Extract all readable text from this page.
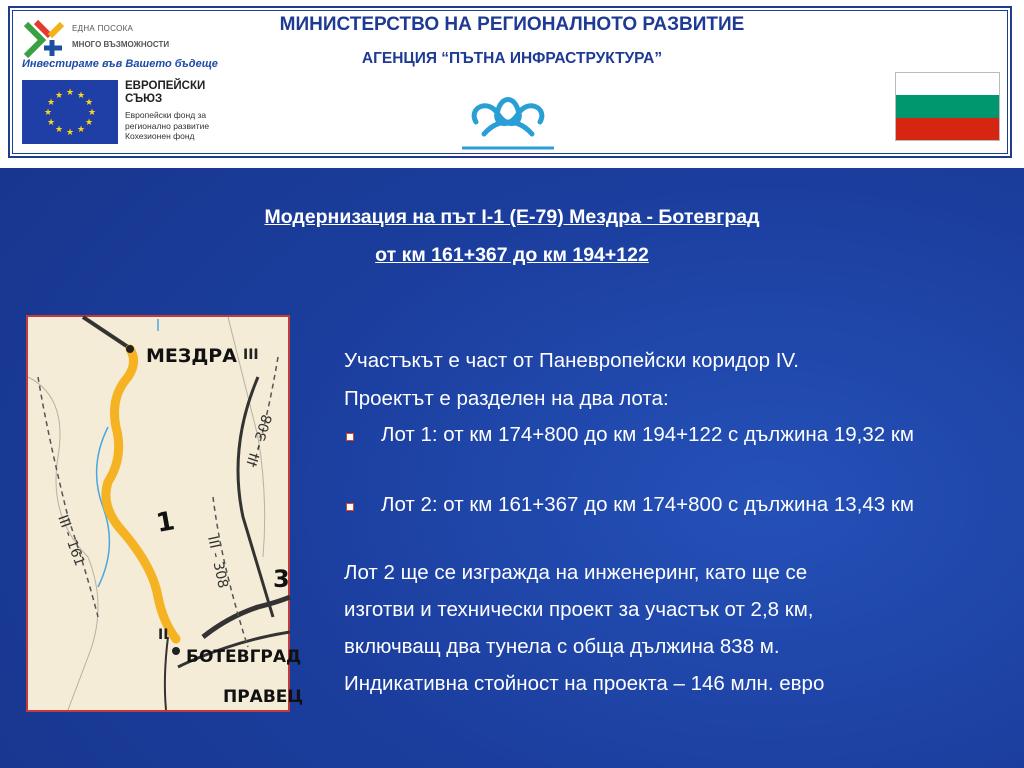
ЕДНА ПОСОКА
МНОГО ВЪЗМОЖНОСТИ
Инвестираме във Вашето бъдеще
★ ★
★
★
★
★
★
★
★
★
★
★
ЕВРОПЕЙСКИ
СЪЮЗ
Европейски фонд за
регионално развитие
Кохезионен фонд
МИНИСТЕРСТВО НА РЕГИОНАЛНОТО РАЗВИТИЕ
АГЕНЦИЯ “ПЪТНА ИНФРАСТРУКТУРА”
Модернизация на път І-1 (Е-79) Мездра - Ботевград
от км 161+367 до км 194+122
II
III
МЕЗДРА
БОТЕВГРАД
ПРАВЕЦ
1
3
III - 161	III - 308
III - 308
Участъкът е част от Паневропейски коридор IV.
Проектът е разделен на два лота:
Лот 1: от км 174+800 до км 194+122 с дължина 19,32 км
Лот 2: от км 161+367 до км 174+800 с дължина 13,43 км
Лот 2 ще се изгражда на инженеринг, като ще се
изготви и технически проект за участък от 2,8 км,
включващ два тунела с обща дължина 838 м.
Индикативна стойност на проекта – 146 млн. евро
